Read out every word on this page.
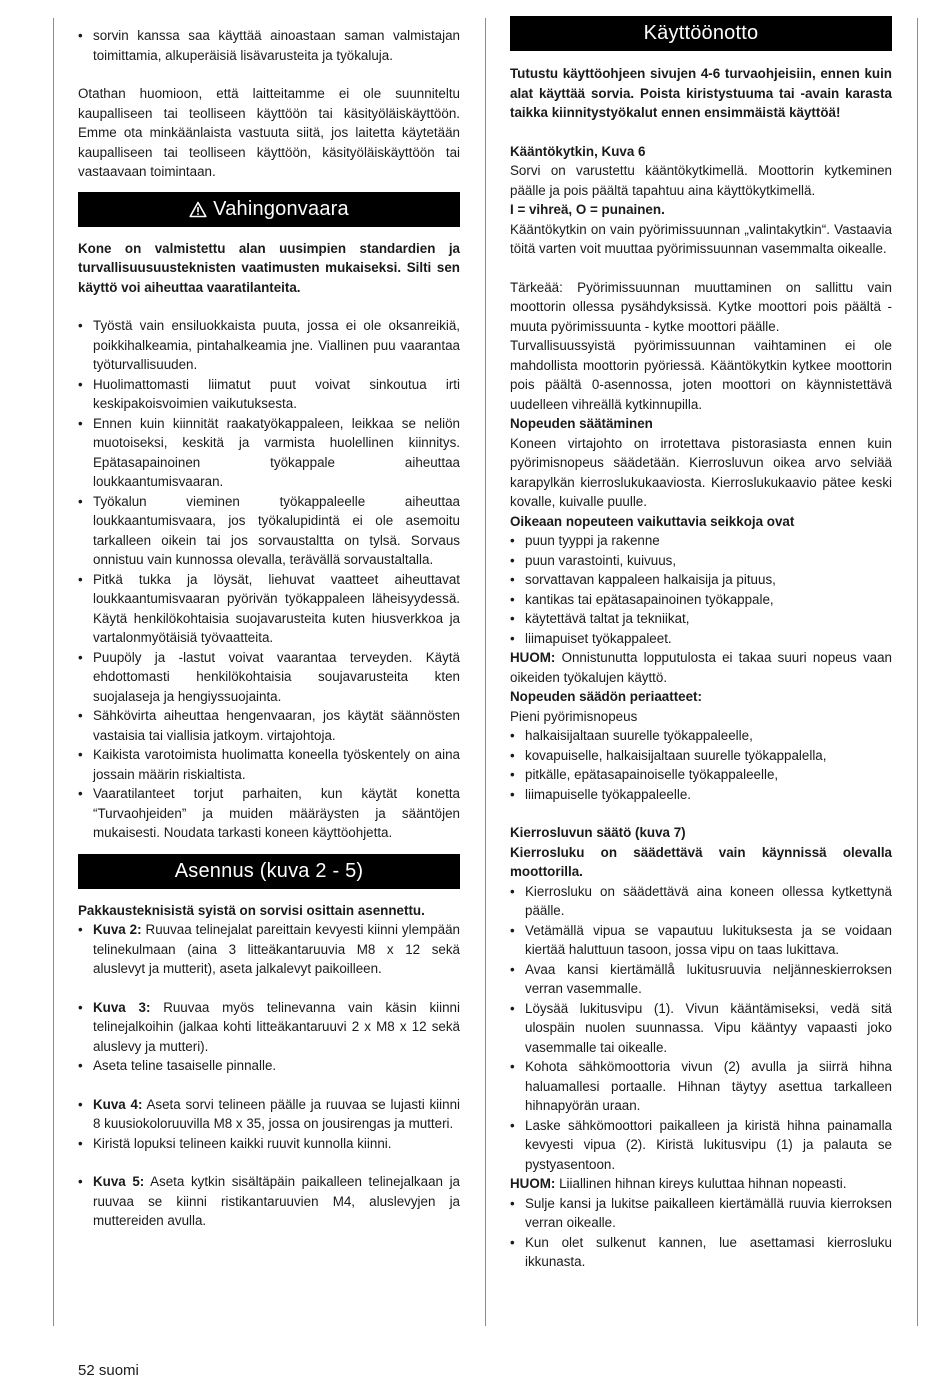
• sorvin kanssa saa käyttää ainoastaan saman valmistajan toimittamia, alkuperäisiä lisävarusteita ja työkaluja.

Otathan huomioon, että laitteitamme ei ole suunniteltu kaupalliseen tai teolliseen käyttöön tai käsityöläiskäyttöön. Emme ota minkäänlaista vastuuta siitä, jos laitetta käytetään kaupalliseen tai teolliseen käyttöön, käsityöläiskäyttöön tai vastaavaan toimintaan.

Vahingonvaara

Kone on valmistettu alan uusimpien standardien ja turvallisuusuusteknisten vaatimusten mukaiseksi. Silti sen käyttö voi aiheuttaa vaaratilanteita.

• Työstä vain ensiluokkaista puuta, jossa ei ole oksanreikiä, poikkihalkeamia, pintahalkeamia jne. Viallinen puu vaarantaa työturvallisuuden.
• Huolimattomasti liimatut puut voivat sinkoutua irti keskipakoisvoimien vaikutuksesta.
• Ennen kuin kiinnität raakatyökappaleen, leikkaa se neliön muotoiseksi, keskitä ja varmista huolellinen kiinnitys. Epätasapainoinen työkappale aiheuttaa loukkaantumisvaaran.
• Työkalun vieminen työkappaleelle aiheuttaa loukkaantumisvaara, jos työkalupidintä ei ole asemoitu tarkalleen oikein tai jos sorvaustaltta on tylsä. Sorvaus onnistuu vain kunnossa olevalla, terävällä sorvaustaltalla.
• Pitkä tukka ja löysät, liehuvat vaatteet aiheuttavat loukkaantumisvaaran pyörivän työkappaleen läheisyydessä. Käytä henkilökohtaisia suojavarusteita kuten hiusverkkoa ja vartalonmyötäisiä työvaatteita.
• Puupöly ja -lastut voivat vaarantaa terveyden. Käytä ehdottomasti henkilökohtaisia soujavarusteita kten suojalaseja ja hengiyssuojainta.
• Sähkövirta aiheuttaa hengenvaaran, jos käytät säännösten vastaisia tai viallisia jatkoym. virtajohtoja.
• Kaikista varotoimista huolimatta koneella työskentely on aina jossain määrin riskialtista.
• Vaaratilanteet torjut parhaiten, kun käytät konetta “Turvaohjeiden” ja muiden määräysten ja sääntöjen mukaisesti. Noudata tarkasti koneen käyttöohjetta.
Asennus (kuva 2 - 5)

Pakkausteknisistä syistä on sorvisi osittain asennettu.

• Kuva 2: Ruuvaa telinejalat pareittain kevyesti kiinni ylempään telinekulmaan (aina 3 litteäkantaruuvia M8 x 12 sekä aluslevyt ja mutterit), aseta jalkalevyt paikoilleen.
• Kuva 3: Ruuvaa myös telinevanna vain käsin kiinni telinejalkoihin (jalkaa kohti litteäkantaruuvi 2 x M8 x 12 sekä aluslevy ja mutteri).
• Aseta teline tasaiselle pinnalle.
• Kuva 4: Aseta sorvi telineen päälle ja ruuvaa se lujasti kiinni 8 kuusiokoloruuvilla M8 x 35, jossa on jousirengas ja mutteri.
• Kiristä lopuksi telineen kaikki ruuvit kunnolla kiinni.
• Kuva 5: Aseta kytkin sisältäpäin paikalleen telinejalkaan ja ruuvaa se kiinni ristikantaruuvien M4, aluslevyjen ja muttereiden avulla.
Käyttöönotto

Tutustu käyttöohjeen sivujen 4-6 turvaohjeisiin, ennen kuin alat käyttää sorvia. Poista kiristystuuma tai -avain karasta taikka kiinnitystyökalut ennen ensimmäistä käyttöä!

Kääntökytkin, Kuva 6

Sorvi on varustettu kääntökytkimellä. Moottorin kytkeminen päälle ja pois päältä tapahtuu aina käyttökytkimellä.

I = vihreä, O = punainen.

Kääntökytkin on vain pyörimissuunnan „valintakytkin“. Vastaavia töitä varten voit muuttaa pyörimissuunnan vasemmalta oikealle.

Tärkeää: Pyörimissuunnan muuttaminen on sallittu vain moottorin ollessa pysähdyksissä. Kytke moottori pois päältä - muuta pyörimissuunta - kytke moottori päälle.

Turvallisuussyistä pyörimissuunnan vaihtaminen ei ole mahdollista moottorin pyöriessä. Kääntökytkin kytkee moottorin pois päältä 0-asennossa, joten moottori on käynnistettävä uudelleen vihreällä kytkinnupilla.

Nopeuden säätäminen

Koneen virtajohto on irrotettava pistorasiasta ennen kuin pyörimisnopeus säädetään. Kierrosluvun oikea arvo selviää karapylkän kierroslukukaaviosta. Kierroslukukaavio pätee keski kovalle, kuivalle puulle.

Oikeaan nopeuteen vaikuttavia seikkoja ovat

• puun tyyppi ja rakenne
• puun varastointi, kuivuus,
• sorvattavan kappaleen halkaisija ja pituus,
• kantikas tai epätasapainoinen työkappale,
• käytettävä taltat ja tekniikat,
• liimapuiset työkappaleet.

HUOM: Onnistunutta lopputulosta ei takaa suuri nopeus vaan oikeiden työkalujen käyttö.

Nopeuden säädön periaatteet:

Pieni pyörimisnopeus

• halkaisijaltaan suurelle työkappaleelle,
• kovapuiselle, halkaisijaltaan suurelle työkappalella,
• pitkälle, epätasapainoiselle työkappaleelle,
• liimapuiselle työkappaleelle.

Kierrosluvun säätö (kuva 7)

Kierrosluku on säädettävä vain käynnissä olevalla moottorilla.

• Kierrosluku on säädettävä aina koneen ollessa kytkettynä päälle.
• Vetämällä vipua se vapautuu lukituksesta ja se voidaan kiertää haluttuun tasoon, jossa vipu on taas lukittava.
• Avaa kansi kiertämällå lukitusruuvia neljänneskierroksen verran vasemmalle.
• Löysää lukitusvipu (1). Vivun kääntämiseksi, vedä sitä ulospäin nuolen suunnassa. Vipu kääntyy vapaasti joko vasemmalle tai oikealle.
• Kohota sähkömoottoria vivun (2) avulla ja siirrä hihna haluamallesi portaalle. Hihnan täytyy asettua tarkalleen hihnapyörän uraan.
• Laske sähkömoottori paikalleen ja kiristä hihna painamalla kevyesti vipua (2). Kiristä lukitusvipu (1) ja palauta se pystyasentoon.

HUOM: Liiallinen hihnan kireys kuluttaa hihnan nopeasti.

• Sulje kansi ja lukitse paikalleen kiertämällä ruuvia kierroksen verran oikealle.
• Kun olet sulkenut kannen, lue asettamasi kierrosluku ikkunasta.
52 suomi
